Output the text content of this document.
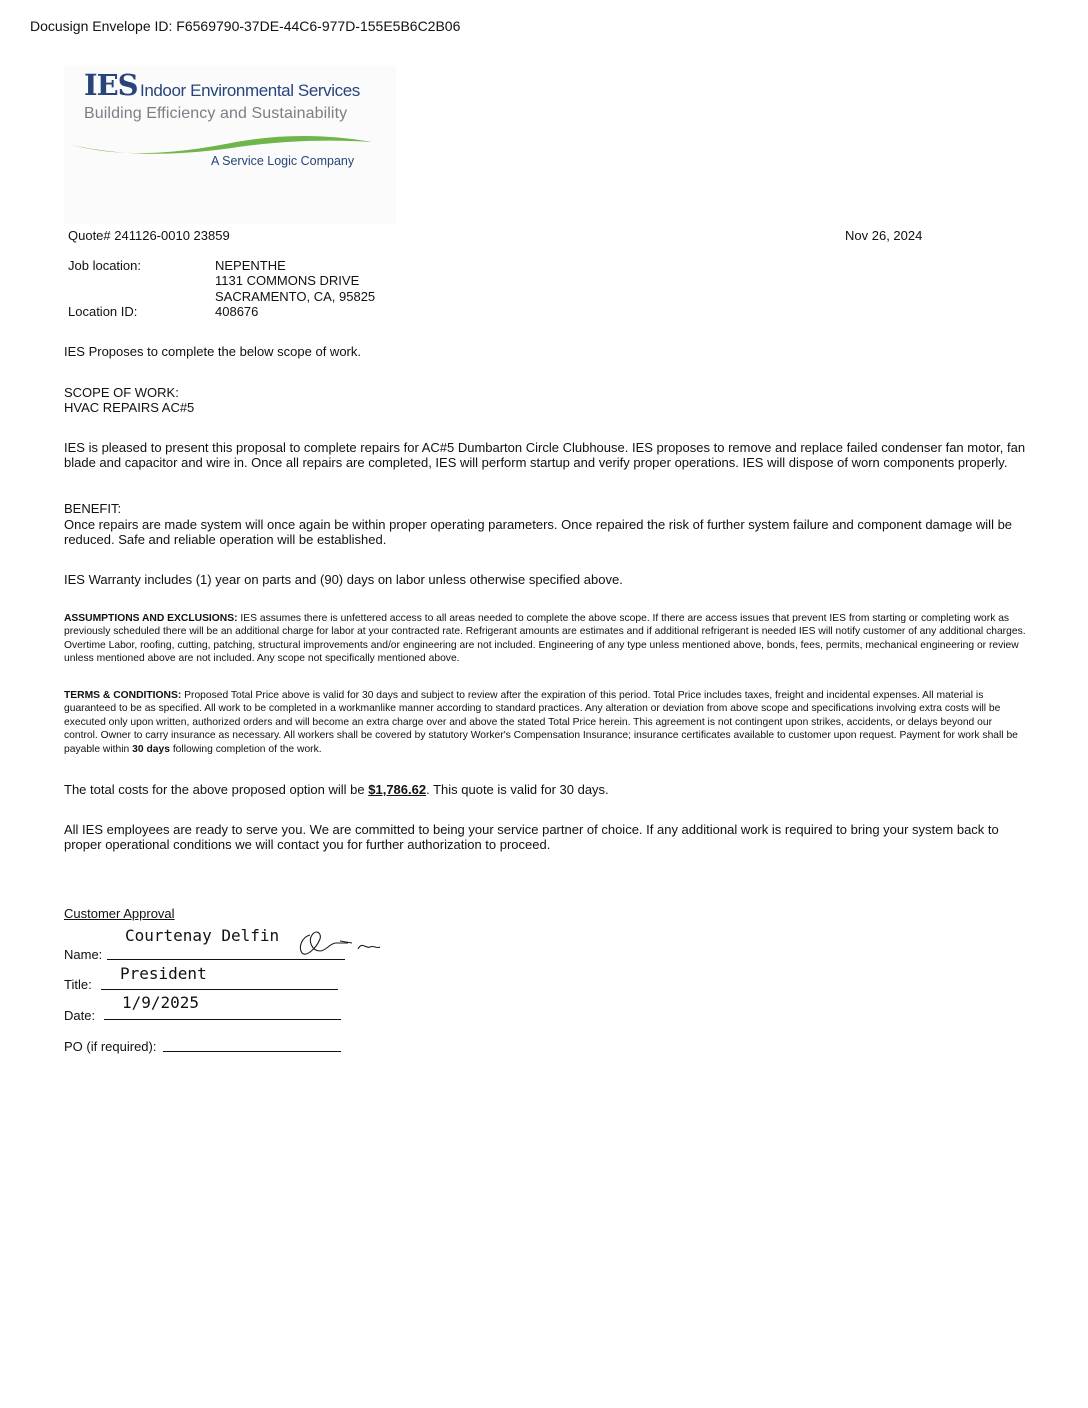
Docusign Envelope ID: F6569790-37DE-44C6-977D-155E5B6C2B06
IES Indoor Environmental Services
Building Efficiency and Sustainability
A Service Logic Company
Quote# 241126-0010 23859	Nov 26, 2024
Job location:	NEPENTHE
1131 COMMONS DRIVE
SACRAMENTO, CA, 95825
Location ID:	408676
IES Proposes to complete the below scope of work.
SCOPE OF WORK:
HVAC REPAIRS AC#5
IES is pleased to present this proposal to complete repairs for AC#5 Dumbarton Circle Clubhouse. IES proposes to remove and replace failed condenser fan motor, fan blade and capacitor and wire in. Once all repairs are completed, IES will perform startup and verify proper operations. IES will dispose of worn components properly.
BENEFIT:
Once repairs are made system will once again be within proper operating parameters. Once repaired the risk of further system failure and component damage will be reduced. Safe and reliable operation will be established.
IES Warranty includes (1) year on parts and (90) days on labor unless otherwise specified above.
ASSUMPTIONS AND EXCLUSIONS: IES assumes there is unfettered access to all areas needed to complete the above scope. If there are access issues that prevent IES from starting or completing work as previously scheduled there will be an additional charge for labor at your contracted rate. Refrigerant amounts are estimates and if additional refrigerant is needed IES will notify customer of any additional charges. Overtime Labor, roofing, cutting, patching, structural improvements and/or engineering are not included. Engineering of any type unless mentioned above, bonds, fees, permits, mechanical engineering or review unless mentioned above are not included. Any scope not specifically mentioned above.
TERMS & CONDITIONS: Proposed Total Price above is valid for 30 days and subject to review after the expiration of this period. Total Price includes taxes, freight and incidental expenses. All material is guaranteed to be as specified. All work to be completed in a workmanlike manner according to standard practices. Any alteration or deviation from above scope and specifications involving extra costs will be executed only upon written, authorized orders and will become an extra charge over and above the stated Total Price herein. This agreement is not contingent upon strikes, accidents, or delays beyond our control. Owner to carry insurance as necessary. All workers shall be covered by statutory Worker's Compensation Insurance; insurance certificates available to customer upon request. Payment for work shall be payable within 30 days following completion of the work.
The total costs for the above proposed option will be $1,786.62. This quote is valid for 30 days.
All IES employees are ready to serve you. We are committed to being your service partner of choice. If any additional work is required to bring your system back to proper operational conditions we will contact you for further authorization to proceed.
Customer Approval
Name:
Courtenay Delfin
Title:
President
Date:
1/9/2025
PO (if required):
